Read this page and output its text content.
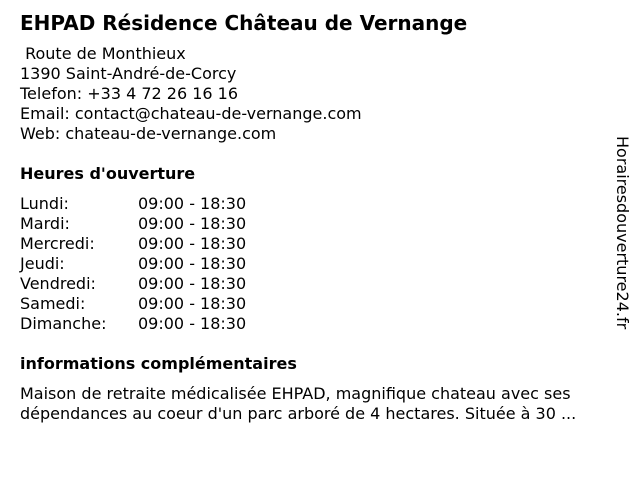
EHPAD Résidence Château de Vernange
Route de Monthieux
1390 Saint-André-de-Corcy
Telefon: +33 4 72 26 16 16
Email: contact@chateau-de-vernange.com
Web: chateau-de-vernange.com
Heures d'ouverture
Lundi:	09:00 - 18:30
Mardi:	09:00 - 18:30
Mercredi:	09:00 - 18:30
Jeudi:	09:00 - 18:30
Vendredi:	09:00 - 18:30
Samedi:	09:00 - 18:30
Dimanche:	09:00 - 18:30
informations complémentaires
Maison de retraite médicalisée EHPAD, magnifique chateau avec ses
dépendances au coeur d'un parc arboré de 4 hectares. Située à 30 ...
Horairesdouverture24.fr
